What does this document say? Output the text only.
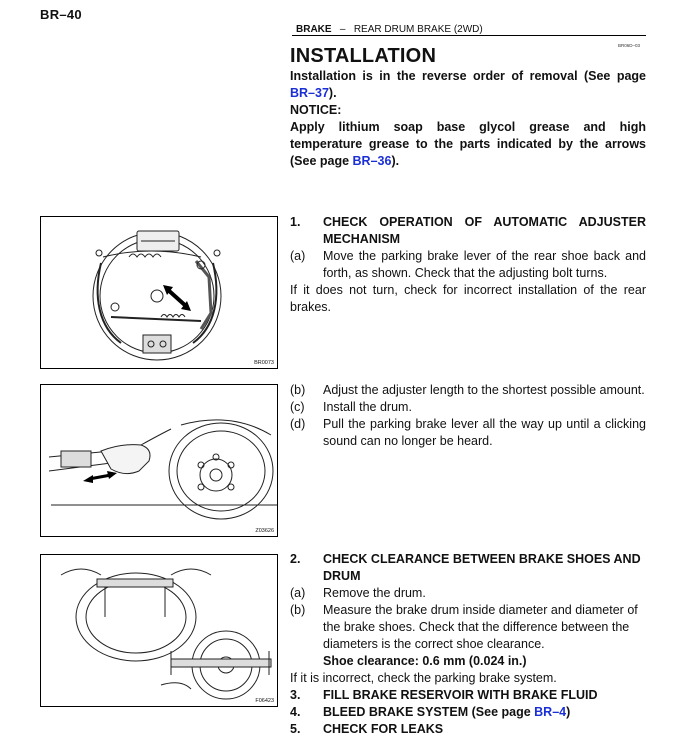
BR–40
BRAKE – REAR DRUM BRAKE (2WD)
BR06D–03
INSTALLATION
Installation is in the reverse order of removal (See page BR–37).
NOTICE:
Apply lithium soap base glycol grease and high temperature grease to the parts indicated by the arrows (See page BR–36).
BR0073
Z03626
F06423
1. CHECK OPERATION OF AUTOMATIC ADJUSTER MECHANISM
(a) Move the parking brake lever of the rear shoe back and forth, as shown. Check that the adjusting bolt turns.
If it does not turn, check for incorrect installation of the rear brakes.
(b) Adjust the adjuster length to the shortest possible amount.
(c) Install the drum.
(d) Pull the parking brake lever all the way up until a clicking sound can no longer be heard.
2. CHECK CLEARANCE BETWEEN BRAKE SHOES AND DRUM
(a) Remove the drum.
(b) Measure the brake drum inside diameter and diameter of the brake shoes. Check that the difference between the diameters is the correct shoe clearance.
Shoe clearance: 0.6 mm (0.024 in.)
If it is incorrect, check the parking brake system.
3. FILL BRAKE RESERVOIR WITH BRAKE FLUID
4. BLEED BRAKE SYSTEM (See page BR–4)
5. CHECK FOR LEAKS
